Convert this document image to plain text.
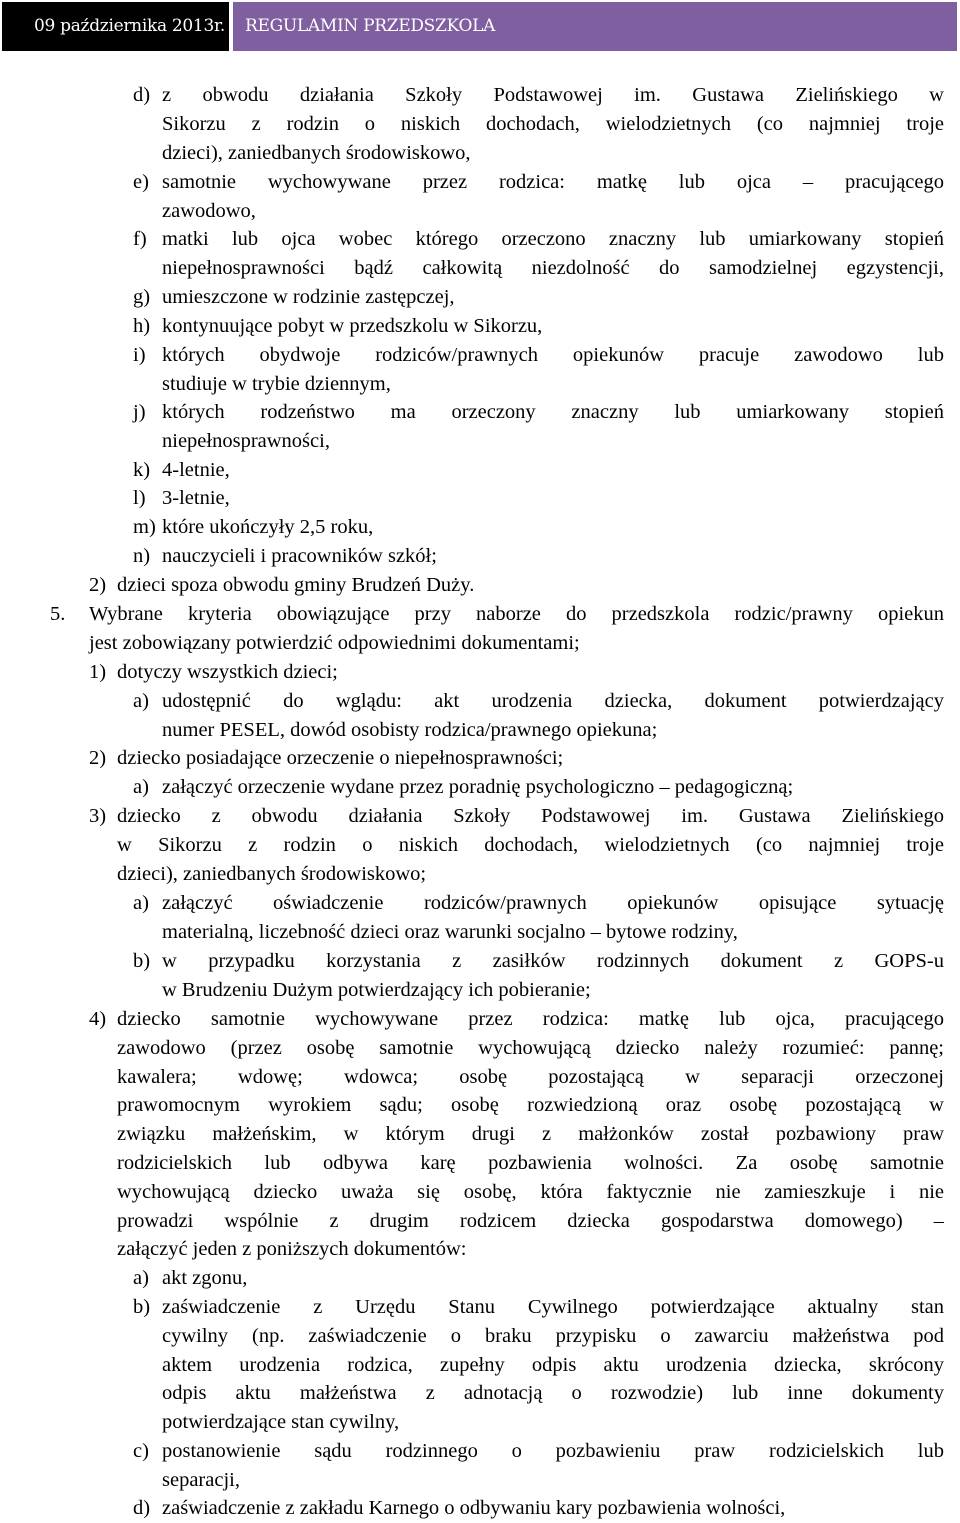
09 października 2013r.	REGULAMIN PRZEDSZKOLA
d) z obwodu działania Szkoły Podstawowej im. Gustawa Zielińskiego w
Sikorzu z rodzin o niskich dochodach, wielodzietnych (co najmniej troje
dzieci), zaniedbanych środowiskowo,
e) samotnie wychowywane przez rodzica: matkę lub ojca – pracującego
zawodowo,
f) matki lub ojca wobec którego orzeczono znaczny lub umiarkowany stopień
niepełnosprawności bądź całkowitą niezdolność do samodzielnej egzystencji,
g) umieszczone w rodzinie zastępczej,
h) kontynuujące pobyt w przedszkolu w Sikorzu,
i) których obydwoje rodziców/prawnych opiekunów pracuje zawodowo lub
studiuje w trybie dziennym,
j) których rodzeństwo ma orzeczony znaczny lub umiarkowany stopień
niepełnosprawności,
k) 4-letnie,
l) 3-letnie,
m) które ukończyły 2,5 roku,
n) nauczycieli i pracowników szkół;
2) dzieci spoza obwodu gminy Brudzeń Duży.
5. Wybrane kryteria obowiązujące przy naborze do przedszkola rodzic/prawny opiekun
jest zobowiązany potwierdzić odpowiednimi dokumentami;
1) dotyczy wszystkich dzieci;
a) udostępnić do wglądu: akt urodzenia dziecka, dokument potwierdzający
numer PESEL, dowód osobisty rodzica/prawnego opiekuna;
2) dziecko posiadające orzeczenie o niepełnosprawności;
a) załączyć orzeczenie wydane przez poradnię psychologiczno – pedagogiczną;
3) dziecko z obwodu działania Szkoły Podstawowej im. Gustawa Zielińskiego
w Sikorzu z rodzin o niskich dochodach, wielodzietnych (co najmniej troje
dzieci), zaniedbanych środowiskowo;
a) załączyć oświadczenie rodziców/prawnych opiekunów opisujące sytuację
materialną, liczebność dzieci oraz warunki socjalno – bytowe rodziny,
b) w przypadku korzystania z zasiłków rodzinnych dokument z GOPS-u
w Brudzeniu Dużym potwierdzający ich pobieranie;
4) dziecko samotnie wychowywane przez rodzica: matkę lub ojca, pracującego
zawodowo (przez osobę samotnie wychowującą dziecko należy rozumieć: pannę;
kawalera; wdowę; wdowca; osobę pozostającą w separacji orzeczonej
prawomocnym wyrokiem sądu; osobę rozwiedzioną oraz osobę pozostającą w
związku małżeńskim, w którym drugi z małżonków został pozbawiony praw
rodzicielskich lub odbywa karę pozbawienia wolności. Za osobę samotnie
wychowującą dziecko uważa się osobę, która faktycznie nie zamieszkuje i nie
prowadzi wspólnie z drugim rodzicem dziecka gospodarstwa domowego) –
załączyć jeden z poniższych dokumentów:
a) akt zgonu,
b) zaświadczenie z Urzędu Stanu Cywilnego potwierdzające aktualny stan
cywilny (np. zaświadczenie o braku przypisku o zawarciu małżeństwa pod
aktem urodzenia rodzica, zupełny odpis aktu urodzenia dziecka, skrócony
odpis aktu małżeństwa z adnotacją o rozwodzie) lub inne dokumenty
potwierdzające stan cywilny,
c) postanowienie sądu rodzinnego o pozbawieniu praw rodzicielskich lub
separacji,
d) zaświadczenie z zakładu Karnego o odbywaniu kary pozbawienia wolności,
